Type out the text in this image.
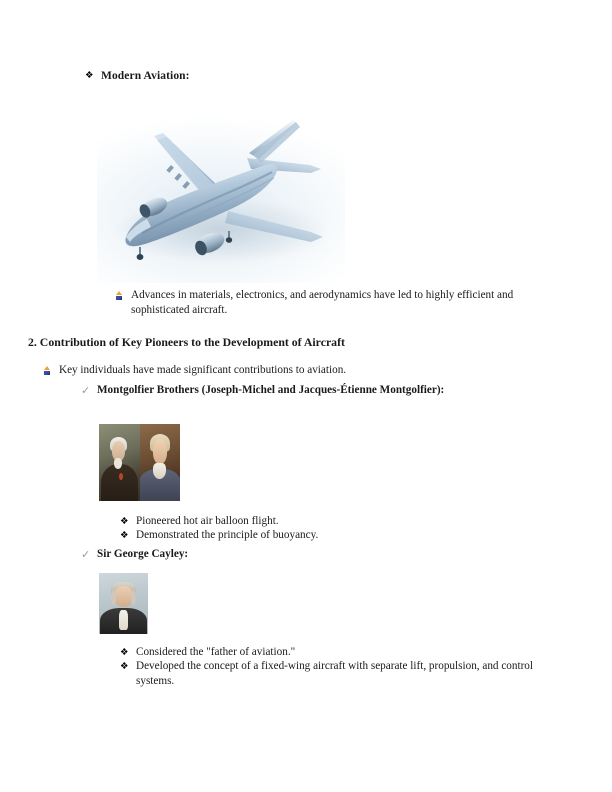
❖ Modern Aviation:
Advances in materials, electronics, and aerodynamics have led to highly efficient and sophisticated aircraft.
2. Contribution of Key Pioneers to the Development of Aircraft
Key individuals have made significant contributions to aviation.
✓ Montgolfier Brothers (Joseph-Michel and Jacques-Étienne Montgolfier):
❖ Pioneered hot air balloon flight.
❖ Demonstrated the principle of buoyancy.
✓ Sir George Cayley:
❖ Considered the "father of aviation."
❖ Developed the concept of a fixed-wing aircraft with separate lift, propulsion, and control systems.
